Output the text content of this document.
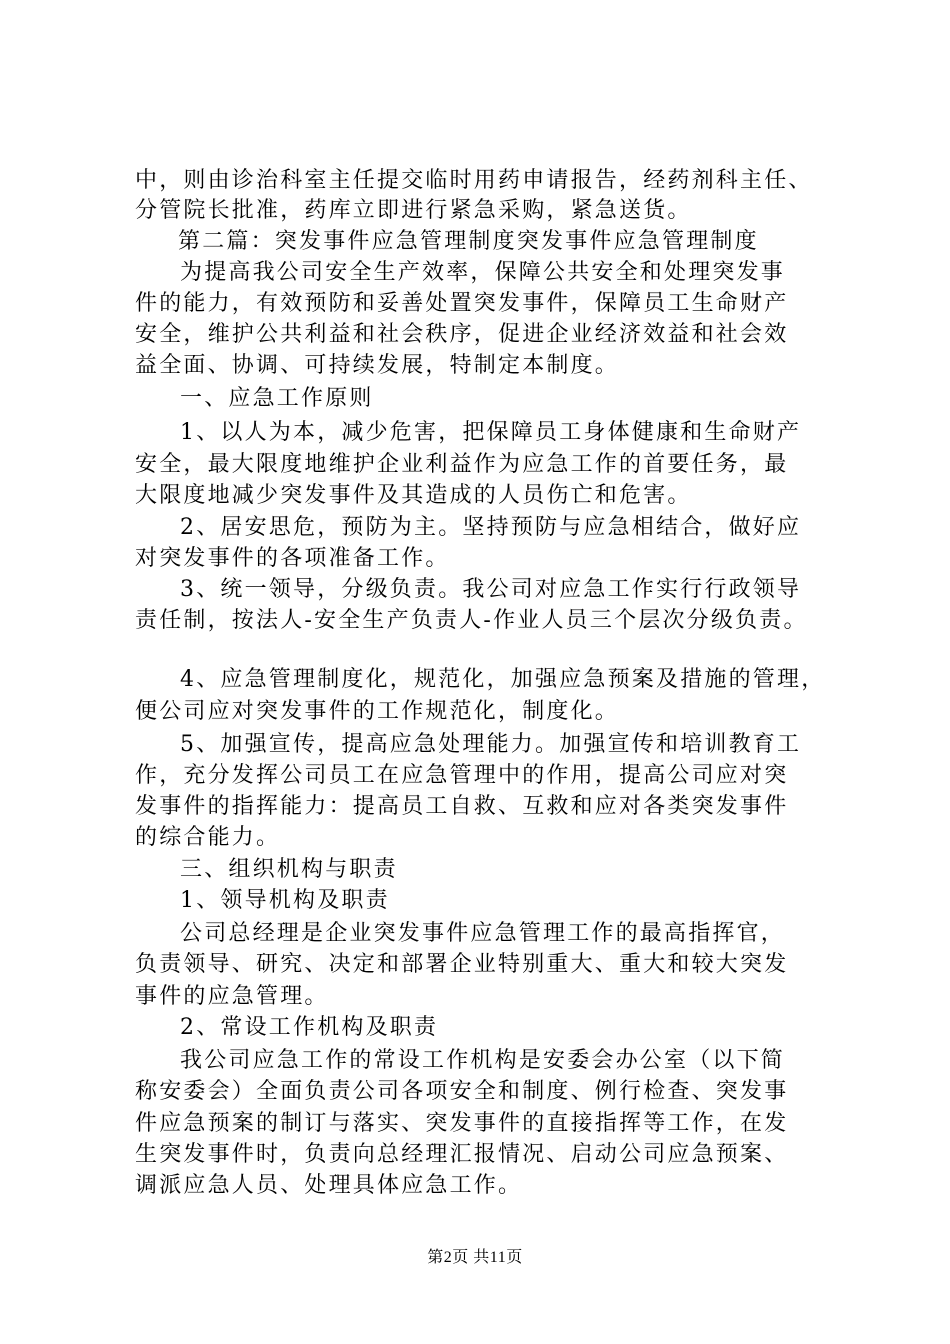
中，则由诊治科室主任提交临时用药申请报告，经药剂科主任、
分管院长批准，药库立即进行紧急采购，紧急送货。
第二篇：突发事件应急管理制度突发事件应急管理制度
为提高我公司安全生产效率，保障公共安全和处理突发事
件的能力，有效预防和妥善处置突发事件，保障员工生命财产
安全，维护公共利益和社会秩序，促进企业经济效益和社会效
益全面、协调、可持续发展，特制定本制度。
一、应急工作原则
1、以人为本，减少危害，把保障员工身体健康和生命财产
安全，最大限度地维护企业利益作为应急工作的首要任务，最
大限度地减少突发事件及其造成的人员伤亡和危害。
2、居安思危，预防为主。坚持预防与应急相结合，做好应
对突发事件的各项准备工作。
3、统一领导，分级负责。我公司对应急工作实行行政领导
责任制，按法人-安全生产负责人-作业人员三个层次分级负责。
4、应急管理制度化，规范化，加强应急预案及措施的管理，
便公司应对突发事件的工作规范化，制度化。
5、加强宣传，提高应急处理能力。加强宣传和培训教育工
作，充分发挥公司员工在应急管理中的作用，提高公司应对突
发事件的指挥能力：提高员工自救、互救和应对各类突发事件
的综合能力。
三、组织机构与职责
1、领导机构及职责
公司总经理是企业突发事件应急管理工作的最高指挥官，
负责领导、研究、决定和部署企业特别重大、重大和较大突发
事件的应急管理。
2、常设工作机构及职责
我公司应急工作的常设工作机构是安委会办公室（以下简
称安委会）全面负责公司各项安全和制度、例行检查、突发事
件应急预案的制订与落实、突发事件的直接指挥等工作，在发
生突发事件时，负责向总经理汇报情况、启动公司应急预案、
调派应急人员、处理具体应急工作。
第2页 共11页
